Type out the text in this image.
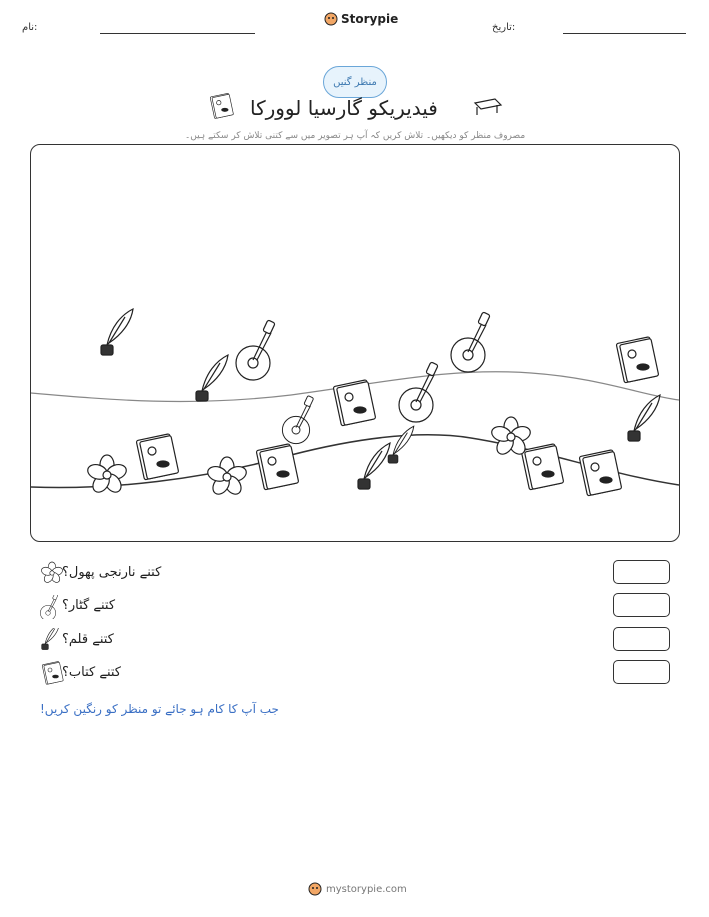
نام:
Storypie
تاریخ:
منظر گنیں
فیدیریکو گارسیا لوورکا
مصروف منظر کو دیکھیں۔ تلاش کریں کہ آپ ہر تصویر میں سے کتنی تلاش کر سکتے ہیں۔
کتنے نارنجی پھول؟
کتنے گٹار؟
کتنے قلم؟
کتنے کتاب؟
جب آپ کا کام ہو جائے تو منظر کو رنگین کریں!
mystorypie.com
